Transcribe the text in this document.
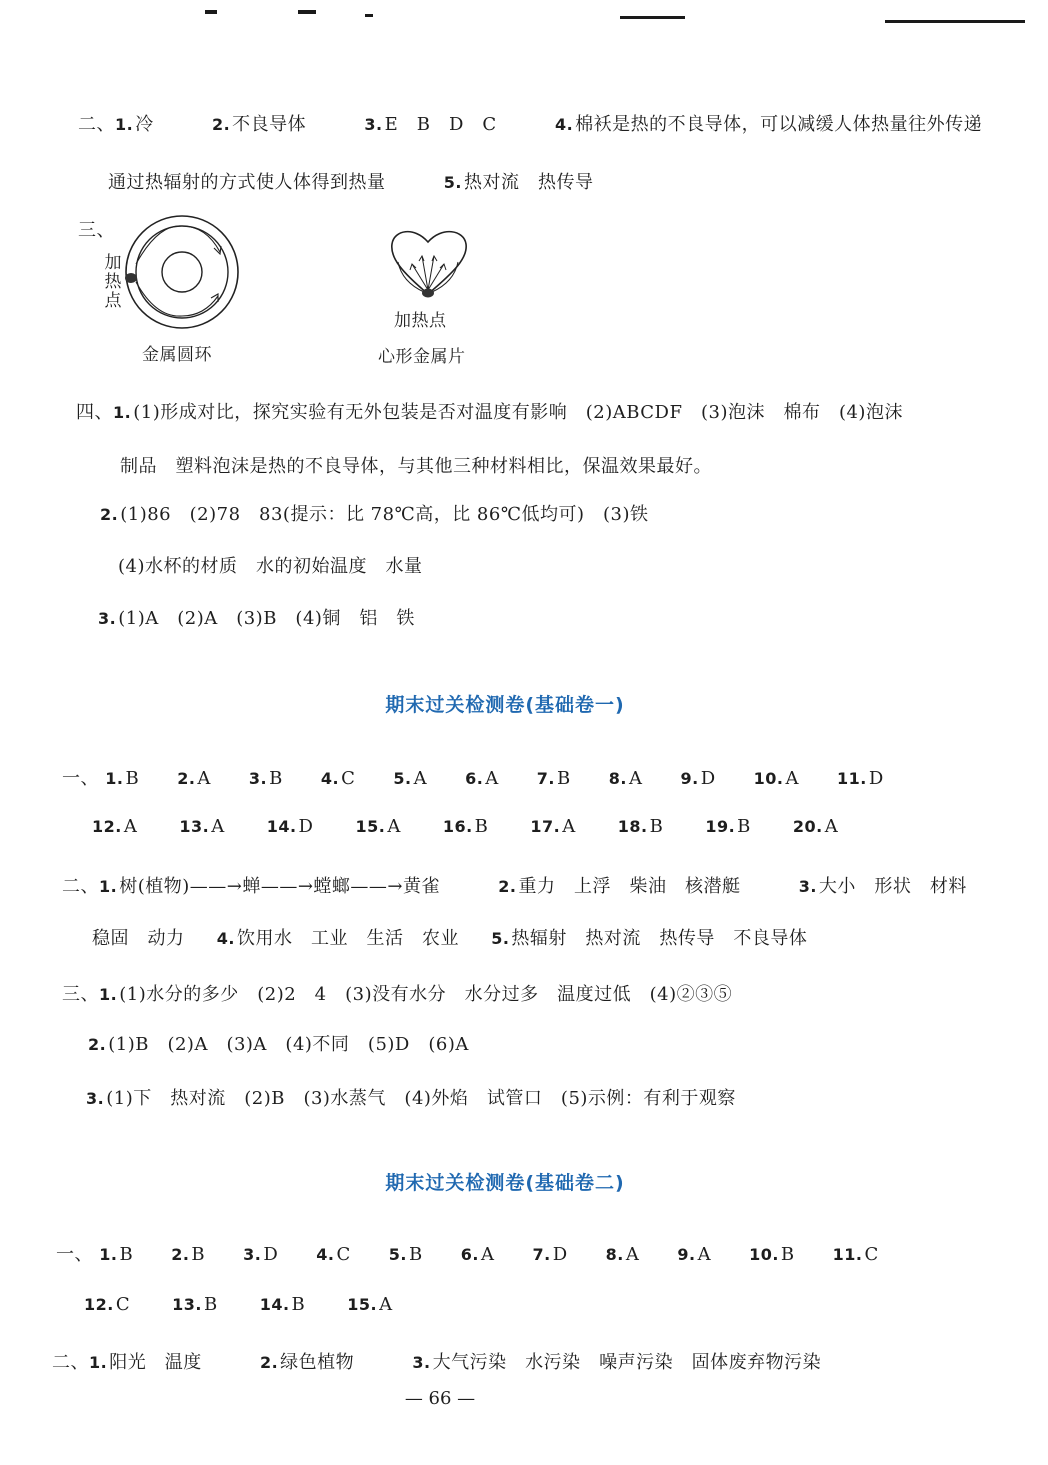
二、1. 冷	2. 不良导体	3. E　B　D　C	4. 棉袄是热的不良导体，可以减缓人体热量往外传递
通过热辐射的方式使人体得到热量	5. 热对流　热传导
三、
加热点
金属圆环
加热点
心形金属片
四、1. (1)形成对比，探究实验有无外包装是否对温度有影响　(2)ABCDF　(3)泡沫　棉布　(4)泡沫
制品　塑料泡沫是热的不良导体，与其他三种材料相比，保温效果最好。
2. (1)86　(2)78　83(提示：比 78℃高，比 86℃低均可)　(3)铁
(4)水杯的材质　水的初始温度　水量
3. (1)A　(2)A　(3)B　(4)铜　铝　铁
期末过关检测卷(基础卷一)
一、 1. B 2. A 3. B 4. C 5. A 6. A 7. B 8. A 9. D 10. A 11. D
12. A	13. A	14. D	15. A	16. B	17. A	18. B	19. B	20. A
二、1. 树(植物)——→蝉——→螳螂——→黄雀	2. 重力　上浮　柴油　核潜艇	3. 大小　形状　材料
稳固　动力 4. 饮用水　工业　生活　农业 5. 热辐射　热对流　热传导　不良导体
三、1. (1)水分的多少　(2)2　4　(3)没有水分　水分过多　温度过低　(4)②③⑤
2. (1)B　(2)A　(3)A　(4)不同　(5)D　(6)A
3. (1)下　热对流　(2)B　(3)水蒸气　(4)外焰　试管口　(5)示例：有利于观察
期末过关检测卷(基础卷二)
一、 1. B 2. B 3. D 4. C 5. B 6. A 7. D 8. A 9. A 10. B 11. C
12. C	13. B	14. B	15. A
二、1. 阳光　温度	2. 绿色植物	3. 大气污染　水污染　噪声污染　固体废弃物污染
— 66 —
